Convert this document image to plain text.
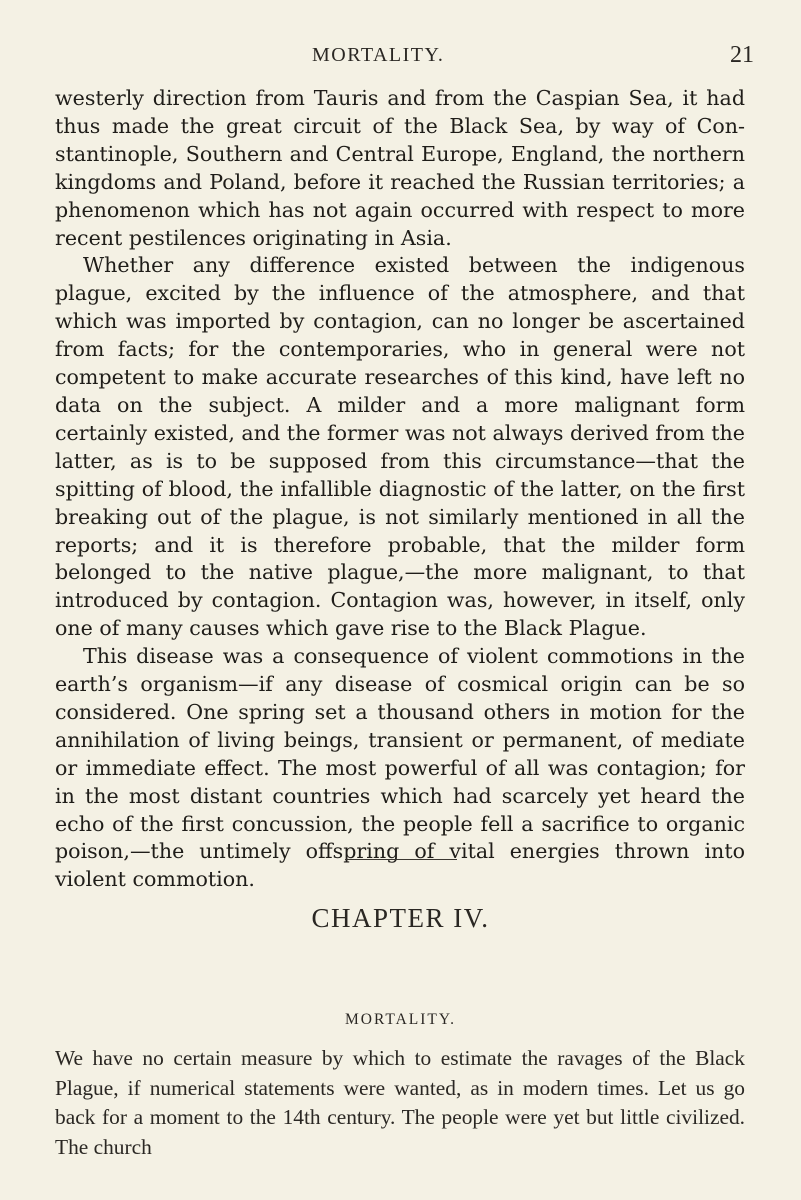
MORTALITY.	21

westerly direction from Tauris and from the Caspian Sea, it had thus made the great circuit of the Black Sea, by way of Constantinople, Southern and Central Europe, England, the northern kingdoms and Poland, before it reached the Russian territories; a phenomenon which has not again occurred with respect to more recent pestilences originating in Asia.

Whether any difference existed between the indigenous plague, excited by the influence of the atmosphere, and that which was imported by contagion, can no longer be ascertained from facts; for the contemporaries, who in general were not competent to make accurate researches of this kind, have left no data on the subject. A milder and a more malignant form certainly existed, and the former was not always derived from the latter, as is to be supposed from this circumstance—that the spitting of blood, the infallible diagnostic of the latter, on the first breaking out of the plague, is not similarly mentioned in all the reports; and it is therefore probable, that the milder form belonged to the native plague,—the more malignant, to that introduced by contagion. Contagion was, however, in itself, only one of many causes which gave rise to the Black Plague.

This disease was a consequence of violent commotions in the earth’s organism—if any disease of cosmical origin can be so considered. One spring set a thousand others in motion for the annihilation of living beings, transient or permanent, of mediate or immediate effect. The most powerful of all was contagion; for in the most distant countries which had scarcely yet heard the echo of the first concussion, the people fell a sacrifice to organic poison,—the untimely offspring of vital energies thrown into violent commotion.

CHAPTER IV.
MORTALITY.

We have no certain measure by which to estimate the ravages of the Black Plague, if numerical statements were wanted, as in modern times. Let us go back for a moment to the 14th century. The people were yet but little civilized. The church
